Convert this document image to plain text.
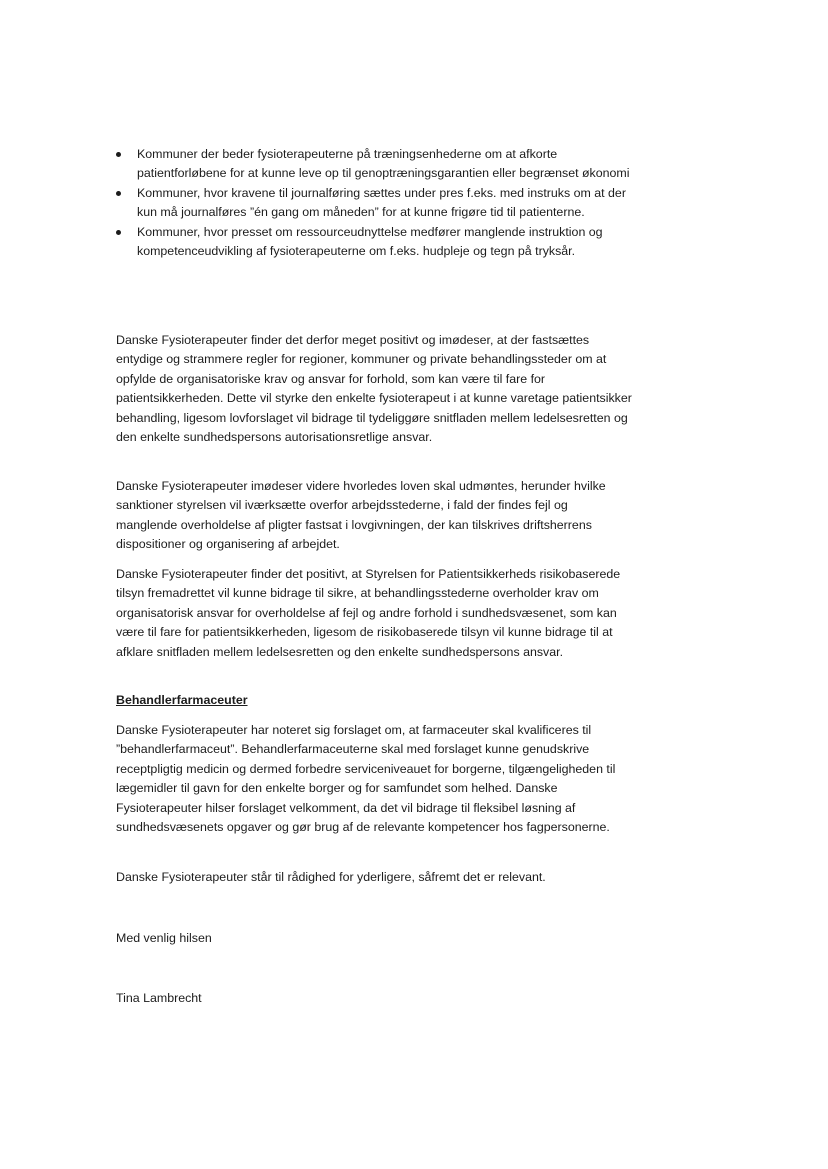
Kommuner der beder fysioterapeuterne på træningsenhederne om at afkorte patientforløbene for at kunne leve op til genoptræningsgarantien eller begrænset økonomi
Kommuner, hvor kravene til journalføring sættes under pres f.eks. med instruks om at der kun må journalføres ”én gang om måneden” for at kunne frigøre tid til patienterne.
Kommuner, hvor presset om ressourceudnyttelse medfører manglende instruktion og kompetenceudvikling af fysioterapeuterne om f.eks. hudpleje og tegn på tryksår.

Danske Fysioterapeuter finder det derfor meget positivt og imødeser, at der fastsættes entydige og strammere regler for regioner, kommuner og private behandlingssteder om at opfylde de organisatoriske krav og ansvar for forhold, som kan være til fare for patientsikkerheden. Dette vil styrke den enkelte fysioterapeut i at kunne varetage patientsikker behandling, ligesom lovforslaget vil bidrage til tydeliggøre snitfladen mellem ledelsesretten og den enkelte sundhedspersons autorisationsretlige ansvar.

Danske Fysioterapeuter imødeser videre hvorledes loven skal udmøntes, herunder hvilke sanktioner styrelsen vil iværksætte overfor arbejdsstederne, i fald der findes fejl og manglende overholdelse af pligter fastsat i lovgivningen, der kan tilskrives driftsherrens dispositioner og organisering af arbejdet.

Danske Fysioterapeuter finder det positivt, at Styrelsen for Patientsikkerheds risikobaserede tilsyn fremadrettet vil kunne bidrage til sikre, at behandlingsstederne overholder krav om organisatorisk ansvar for overholdelse af fejl og andre forhold i sundhedsvæsenet, som kan være til fare for patientsikkerheden, ligesom de risikobaserede tilsyn vil kunne bidrage til at afklare snitfladen mellem ledelsesretten og den enkelte sundhedspersons ansvar.

Behandlerfarmaceuter

Danske Fysioterapeuter har noteret sig forslaget om, at farmaceuter skal kvalificeres til ”behandlerfarmaceut”. Behandlerfarmaceuterne skal med forslaget kunne genudskrive receptpligtig medicin og dermed forbedre serviceniveauet for borgerne, tilgængeligheden til lægemidler til gavn for den enkelte borger og for samfundet som helhed. Danske Fysioterapeuter hilser forslaget velkomment, da det vil bidrage til fleksibel løsning af sundhedsvæsenets opgaver og gør brug af de relevante kompetencer hos fagpersonerne.

Danske Fysioterapeuter står til rådighed for yderligere, såfremt det er relevant.

Med venlig hilsen

Tina Lambrecht
